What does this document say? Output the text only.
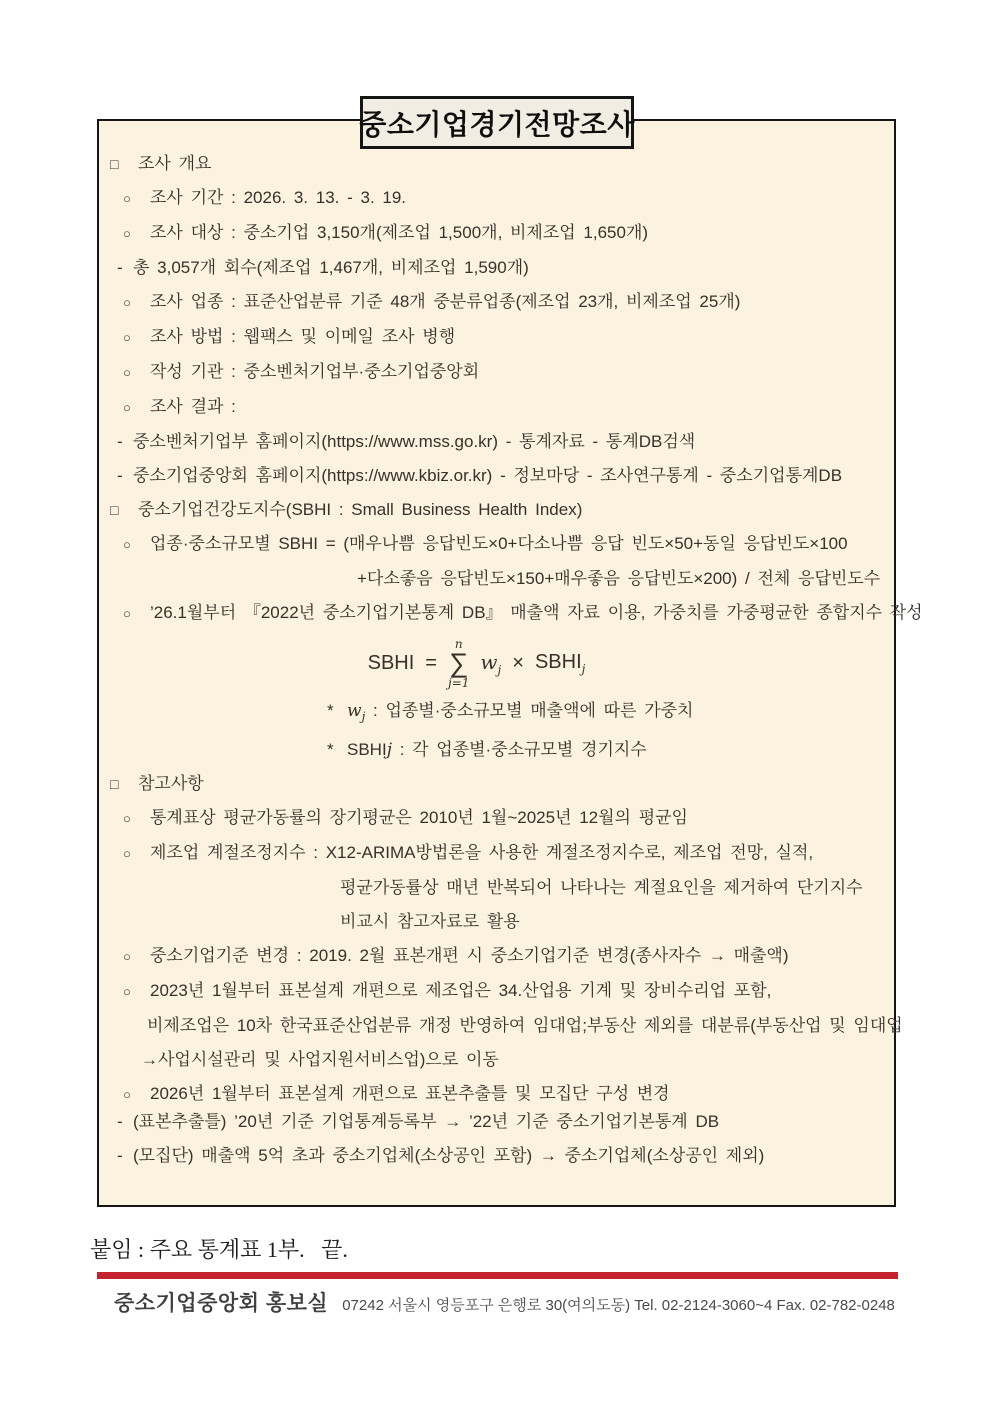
중소기업경기전망조사
□	조사 개요
○	조사 기간 : 2026. 3. 13. - 3. 19.
○	조사 대상 : 중소기업 3,150개(제조업 1,500개, 비제조업 1,650개)
- 총 3,057개 회수(제조업 1,467개, 비제조업 1,590개)
○	조사 업종 : 표준산업분류 기준 48개 중분류업종(제조업 23개, 비제조업 25개)
○	조사 방법 : 웹팩스 및 이메일 조사 병행
○	작성 기관 : 중소벤처기업부·중소기업중앙회
○	조사 결과 :
- 중소벤처기업부 홈페이지(https://www.mss.go.kr) - 통계자료 - 통계DB검색
- 중소기업중앙회 홈페이지(https://www.kbiz.or.kr) - 정보마당 - 조사연구통계 - 중소기업통계DB
□	중소기업건강도지수(SBHI : Small Business Health Index)
○	업종·중소규모별 SBHI = (매우나쁨 응답빈도×0+다소나쁨 응답 빈도×50+동일 응답빈도×100
+다소좋음 응답빈도×150+매우좋음 응답빈도×200) / 전체 응답빈도수
○	’26.1월부터 『2022년 중소기업기본통계 DB』 매출액 자료 이용, 가중치를 가중평균한 종합지수 작성
SBHI =
n
∑
j=1
$w_j$ × $SBHI_j$
* $w_j$ : 업종별·중소규모별 매출액에 따른 가중치
* SBHIj : 각 업종별·중소규모별 경기지수
□	참고사항
○	통계표상 평균가동률의 장기평균은 2010년 1월~2025년 12월의 평균임
○	제조업 계절조정지수 : X12-ARIMA방법론을 사용한 계절조정지수로, 제조업 전망, 실적,
평균가동률상 매년 반복되어 나타나는 계절요인을 제거하여 단기지수
비교시 참고자료로 활용
○	중소기업기준 변경 : 2019. 2월 표본개편 시 중소기업기준 변경(종사자수 → 매출액)
○	2023년 1월부터 표본설계 개편으로 제조업은 34.산업용 기계 및 장비수리업 포함,
비제조업은 10차 한국표준산업분류 개정 반영하여 임대업;부동산 제외를 대분류(부동산업 및 임대업
→사업시설관리 및 사업지원서비스업)으로 이동
○	2026년 1월부터 표본설계 개편으로 표본추출틀 및 모집단 구성 변경
- (표본추출틀) ’20년 기준 기업통계등록부 → ’22년 기준 중소기업기본통계 DB
- (모집단) 매출액 5억 초과 중소기업체(소상공인 포함) → 중소기업체(소상공인 제외)
붙임 : 주요 통계표 1부.   끝.
중소기업중앙회 홍보실 07242 서울시 영등포구 은행로 30(여의도동) Tel. 02-2124-3060~4 Fax. 02-782-0248
